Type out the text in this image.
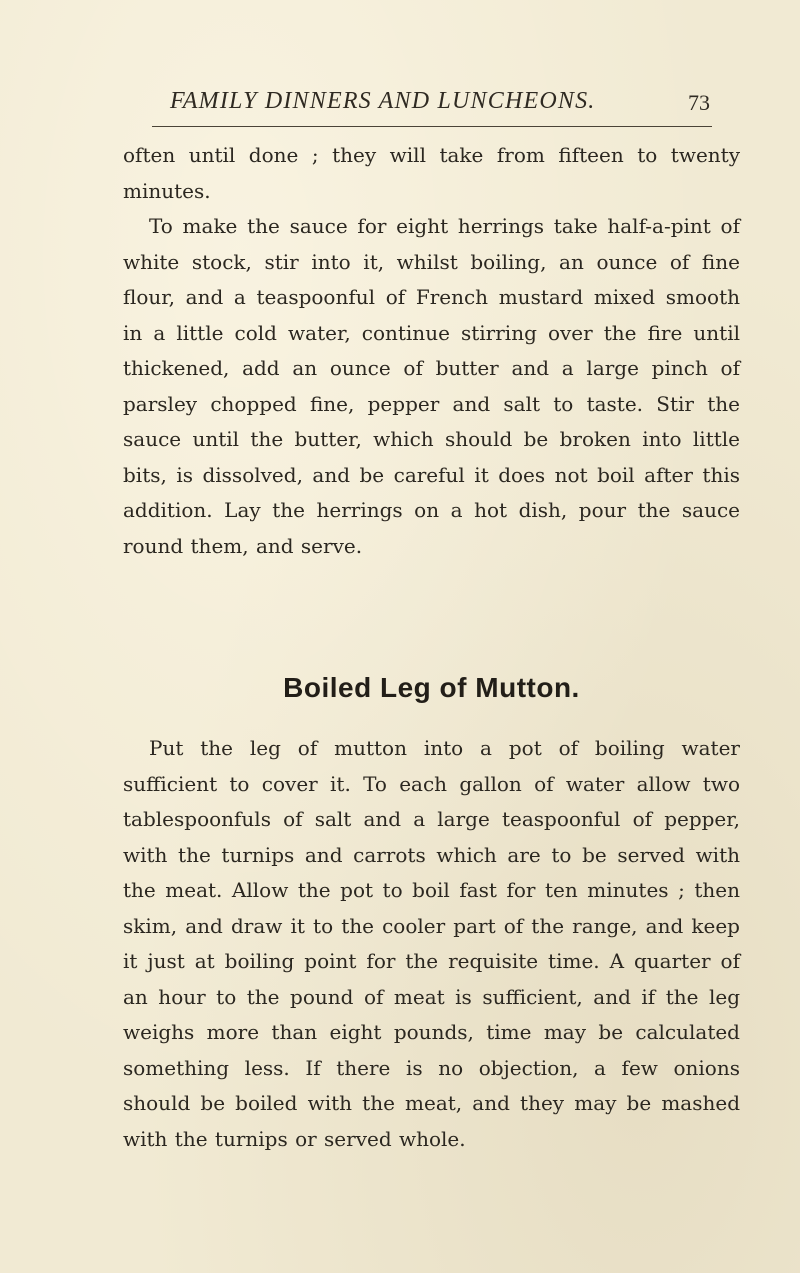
FAMILY DINNERS AND LUNCHEONS.	73

often until done ; they will take from fifteen to twenty minutes.

To make the sauce for eight herrings take half-a-pint of white stock, stir into it, whilst boiling, an ounce of fine flour, and a teaspoonful of French mustard mixed smooth in a little cold water, continue stirring over the fire until thickened, add an ounce of butter and a large pinch of parsley chopped fine, pepper and salt to taste. Stir the sauce until the butter, which should be broken into little bits, is dissolved, and be careful it does not boil after this addition. Lay the herrings on a hot dish, pour the sauce round them, and serve.

Boiled Leg of Mutton.

Put the leg of mutton into a pot of boiling water sufficient to cover it. To each gallon of water allow two tablespoonfuls of salt and a large teaspoonful of pepper, with the turnips and carrots which are to be served with the meat. Allow the pot to boil fast for ten minutes ; then skim, and draw it to the cooler part of the range, and keep it just at boiling point for the requisite time. A quarter of an hour to the pound of meat is sufficient, and if the leg weighs more than eight pounds, time may be calculated something less. If there is no objection, a few onions should be boiled with the meat, and they may be mashed with the turnips or served whole.
